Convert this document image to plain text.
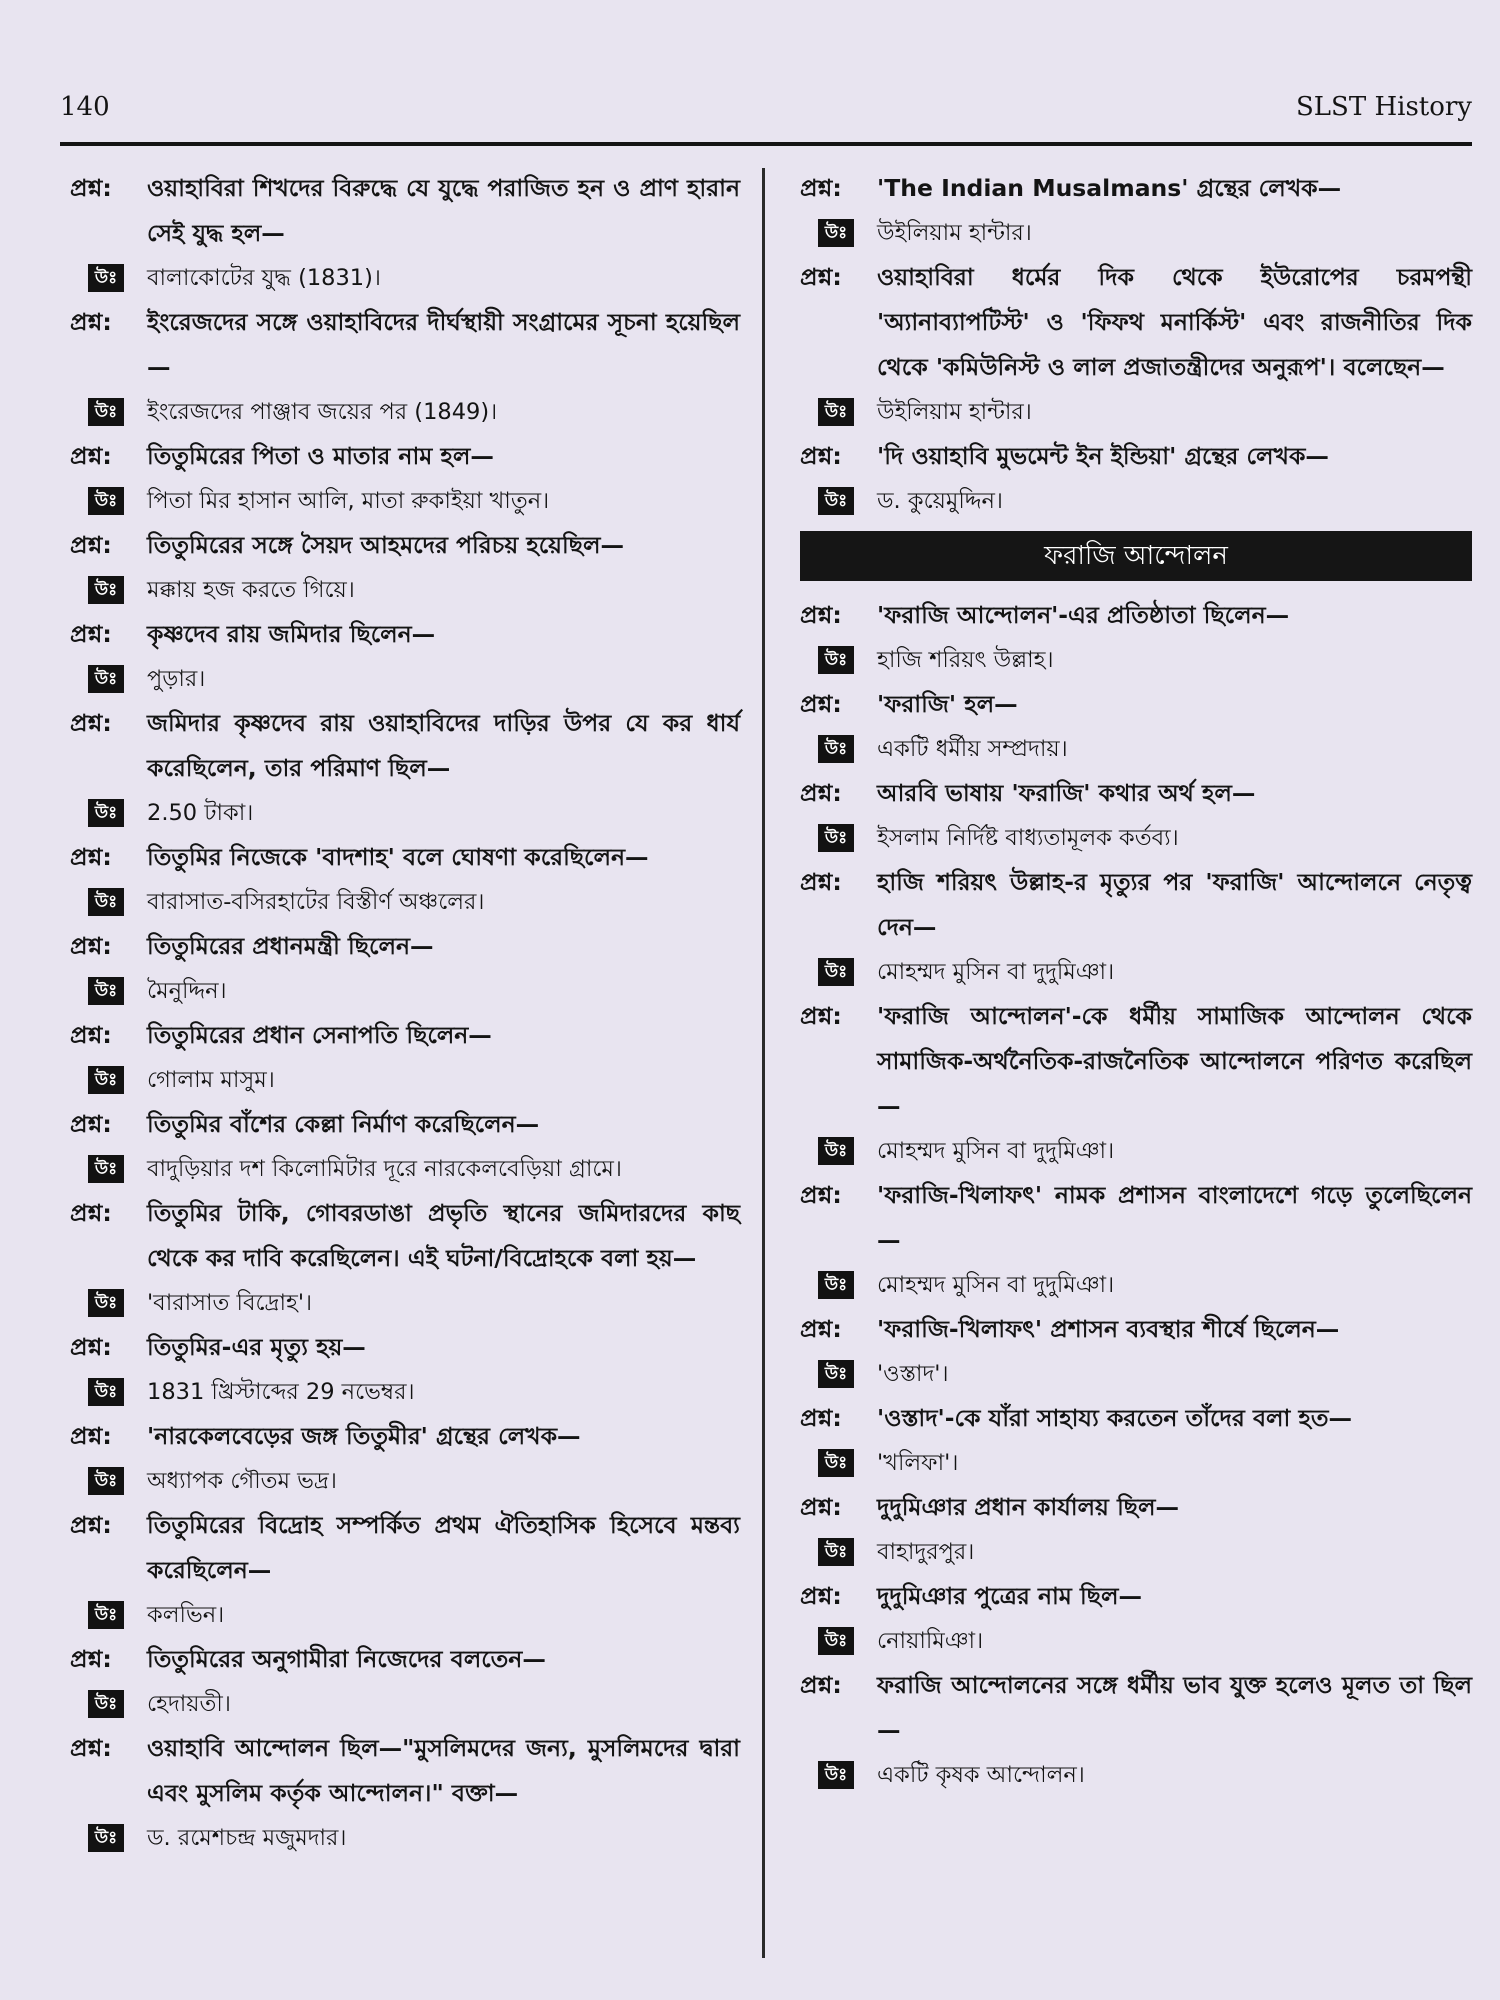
140	SLST History
প্রশ্ন: ওয়াহাবিরা শিখদের বিরুদ্ধে যে যুদ্ধে পরাজিত হন ও প্রাণ হারান সেই যুদ্ধ হল—
উঃ	বালাকোটের যুদ্ধ (1831)।
প্রশ্ন: ইংরেজদের সঙ্গে ওয়াহাবিদের দীর্ঘস্থায়ী সংগ্রামের সূচনা হয়েছিল—
উঃ	ইংরেজদের পাঞ্জাব জয়ের পর (1849)।
প্রশ্ন: তিতুমিরের পিতা ও মাতার নাম হল—
উঃ	পিতা মির হাসান আলি, মাতা রুকাইয়া খাতুন।
প্রশ্ন: তিতুমিরের সঙ্গে সৈয়দ আহমদের পরিচয় হয়েছিল—
উঃ	মক্কায় হজ করতে গিয়ে।
প্রশ্ন: কৃষ্ণদেব রায় জমিদার ছিলেন—
উঃ	পুড়ার।
প্রশ্ন: জমিদার কৃষ্ণদেব রায় ওয়াহাবিদের দাড়ির উপর যে কর ধার্য করেছিলেন, তার পরিমাণ ছিল—
উঃ	2.50 টাকা।
প্রশ্ন: তিতুমির নিজেকে 'বাদশাহ' বলে ঘোষণা করেছিলেন—
উঃ	বারাসাত-বসিরহাটের বিস্তীর্ণ অঞ্চলের।
প্রশ্ন: তিতুমিরের প্রধানমন্ত্রী ছিলেন—
উঃ	মৈনুদ্দিন।
প্রশ্ন: তিতুমিরের প্রধান সেনাপতি ছিলেন—
উঃ	গোলাম মাসুম।
প্রশ্ন: তিতুমির বাঁশের কেল্লা নির্মাণ করেছিলেন—
উঃ	বাদুড়িয়ার দশ কিলোমিটার দূরে নারকেলবেড়িয়া গ্রামে।
প্রশ্ন: তিতুমির টাকি, গোবরডাঙা প্রভৃতি স্থানের জমিদারদের কাছ থেকে কর দাবি করেছিলেন। এই ঘটনা/বিদ্রোহকে বলা হয়—
উঃ	'বারাসাত বিদ্রোহ'।
প্রশ্ন: তিতুমির-এর মৃত্যু হয়—
উঃ	1831 খ্রিস্টাব্দের 29 নভেম্বর।
প্রশ্ন: 'নারকেলবেড়ের জঙ্গ তিতুমীর' গ্রন্থের লেখক—
উঃ	অধ্যাপক গৌতম ভদ্র।
প্রশ্ন: তিতুমিরের বিদ্রোহ সম্পর্কিত প্রথম ঐতিহাসিক হিসেবে মন্তব্য করেছিলেন—
উঃ	কলভিন।
প্রশ্ন: তিতুমিরের অনুগামীরা নিজেদের বলতেন—
উঃ	হেদায়তী।
প্রশ্ন: ওয়াহাবি আন্দোলন ছিল—"মুসলিমদের জন্য, মুসলিমদের দ্বারা এবং মুসলিম কর্তৃক আন্দোলন।" বক্তা—
উঃ	ড. রমেশচন্দ্র মজুমদার।
প্রশ্ন: 'The Indian Musalmans' গ্রন্থের লেখক—
উঃ	উইলিয়াম হান্টার।
প্রশ্ন: ওয়াহাবিরা ধর্মের দিক থেকে ইউরোপের চরমপন্থী 'অ্যানাব্যাপটিস্ট' ও 'ফিফথ মনার্কিস্ট' এবং রাজনীতির দিক থেকে 'কমিউনিস্ট ও লাল প্রজাতন্ত্রীদের অনুরূপ'। বলেছেন—
উঃ	উইলিয়াম হান্টার।
প্রশ্ন: 'দি ওয়াহাবি মুভমেন্ট ইন ইন্ডিয়া' গ্রন্থের লেখক—
উঃ	ড. কুয়েমুদ্দিন।
ফরাজি আন্দোলন
প্রশ্ন: 'ফরাজি আন্দোলন'-এর প্রতিষ্ঠাতা ছিলেন—
উঃ	হাজি শরিয়ৎ উল্লাহ।
প্রশ্ন: 'ফরাজি' হল—
উঃ	একটি ধর্মীয় সম্প্রদায়।
প্রশ্ন: আরবি ভাষায় 'ফরাজি' কথার অর্থ হল—
উঃ	ইসলাম নির্দিষ্ট বাধ্যতামূলক কর্তব্য।
প্রশ্ন: হাজি শরিয়ৎ উল্লাহ-র মৃত্যুর পর 'ফরাজি' আন্দোলনে নেতৃত্ব দেন—
উঃ	মোহম্মদ মুসিন বা দুদুমিঞা।
প্রশ্ন: 'ফরাজি আন্দোলন'-কে ধর্মীয় সামাজিক আন্দোলন থেকে সামাজিক-অর্থনৈতিক-রাজনৈতিক আন্দোলনে পরিণত করেছিল—
উঃ	মোহম্মদ মুসিন বা দুদুমিঞা।
প্রশ্ন: 'ফরাজি-খিলাফৎ' নামক প্রশাসন বাংলাদেশে গড়ে তুলেছিলেন—
উঃ	মোহম্মদ মুসিন বা দুদুমিঞা।
প্রশ্ন: 'ফরাজি-খিলাফৎ' প্রশাসন ব্যবস্থার শীর্ষে ছিলেন—
উঃ	'ওস্তাদ'।
প্রশ্ন: 'ওস্তাদ'-কে যাঁরা সাহায্য করতেন তাঁদের বলা হত—
উঃ	'খলিফা'।
প্রশ্ন: দুদুমিঞার প্রধান কার্যালয় ছিল—
উঃ	বাহাদুরপুর।
প্রশ্ন: দুদুমিঞার পুত্রের নাম ছিল—
উঃ	নোয়ামিঞা।
প্রশ্ন: ফরাজি আন্দোলনের সঙ্গে ধর্মীয় ভাব যুক্ত হলেও মূলত তা ছিল—
উঃ	একটি কৃষক আন্দোলন।
